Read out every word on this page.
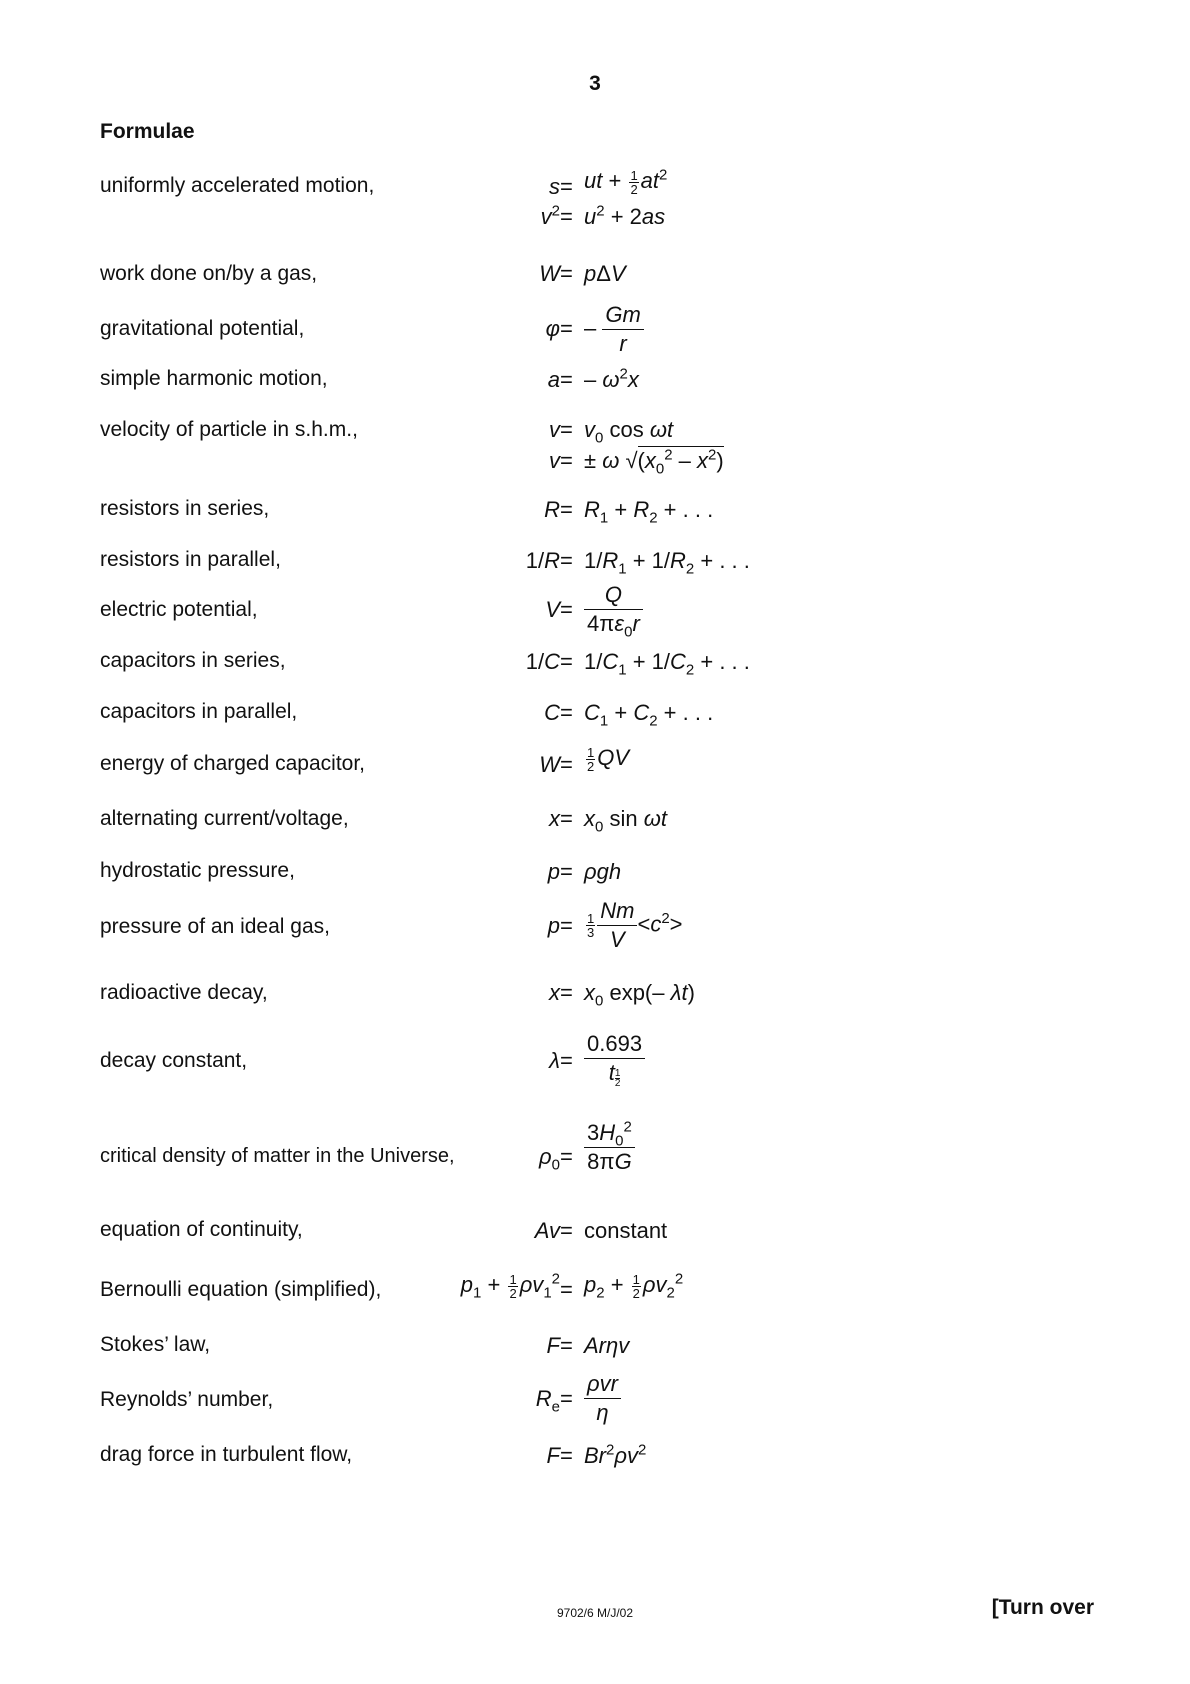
3
Formulae
uniformly accelerated motion,	s = ut + $\frac{1}{2} at^2$
$v^2 = u^2 + 2as$
work done on/by a gas,	W = pΔV
gravitational potential,	φ = – $\frac{Gm}{r}$
simple harmonic motion,	a = – $\omega^2x$
velocity of particle in s.h.m.,	$v = v_0$ cos ωt
v = ± ω $√(x_0^2 - x^2)$
resistors in series,	$R = R_1 + R_2$ + . . .
resistors in parallel,	$1/R = 1/R_1 + 1/R_2$ + . . .
electric potential,	$V = \frac{Q}{4\pi\varepsilon_0r}$
capacitors in series,	$1/C = 1/C_1 + 1/C_2$ + . . .
capacitors in parallel,	$C = C_1 + C_2$ + . . .
energy of charged capacitor,	$W = \frac{1}{2}$ QV
alternating current/voltage,	$x = x_0$ sin ωt
hydrostatic pressure,	p = ρgh
pressure of an ideal gas,	$p = \frac{1}{3} \frac{Nm}{V} <c^2>$
radioactive decay,	$x = x_0$ exp(– λt)
decay constant,	$\lambda = \frac{0.693}{t \frac{1}{2}}$
critical density of matter in the Universe,	$\rho_0 = \frac{3H_0^2}{8\pi G}$
equation of continuity,	Av = constant
Bernoulli equation (simplified),	$p_1 + \frac{1}{2} \rho v_1^2 = p_2 + \frac{1}{2} \rho v_2^2$
Stokes’ law,	F = Arηv
Reynolds’ number,	$R_e = \frac{\text{ρvr}}{\eta}$
drag force in turbulent flow,	$F = Br^2\rho v^2$
9702/6 M/J/02	[Turn over
